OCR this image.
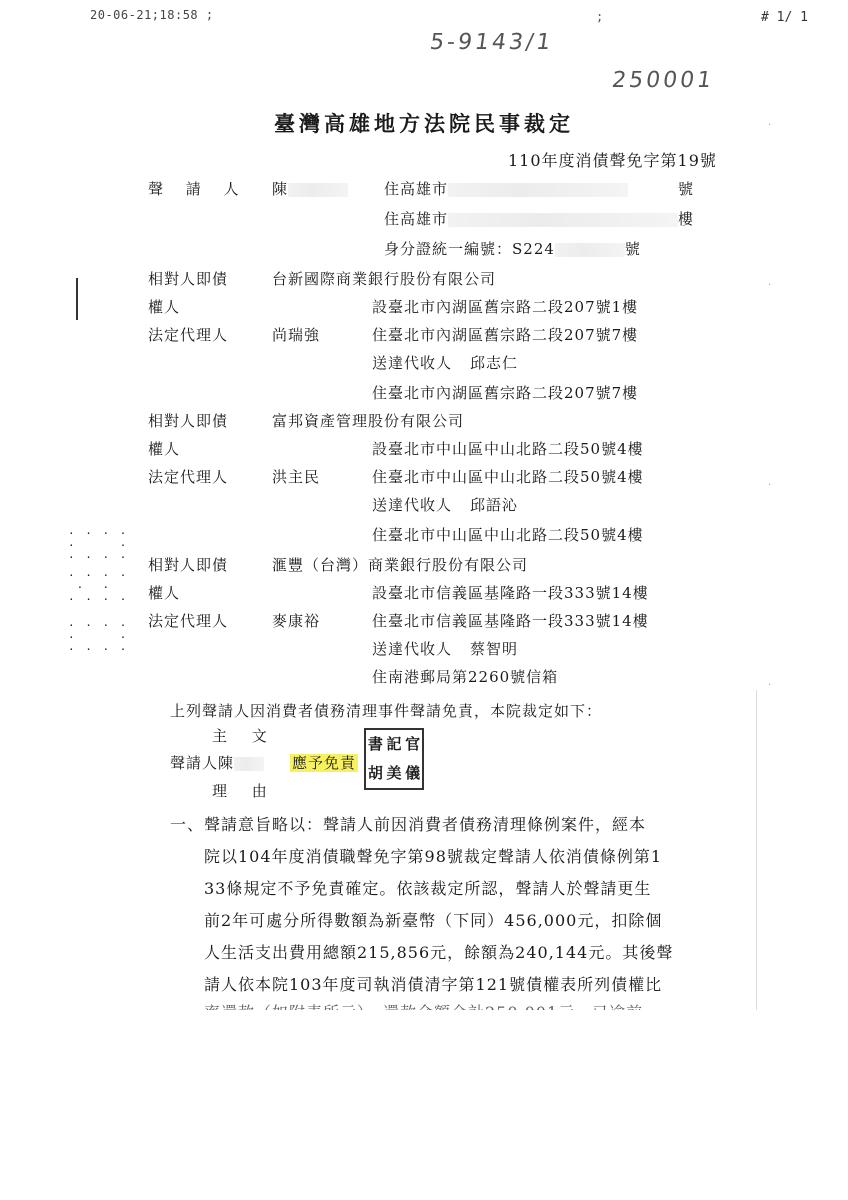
20-06-21;18:58 ;	;	# 1/ 1
5-9143/1
250001
臺灣高雄地方法院民事裁定
110年度消債聲免字第19號
聲 請 人 陳	住高雄市	號
住高雄市	樓
身分證統一編號：S224	號
相對人即債	台新國際商業銀行股份有限公司
權人	設臺北市內湖區舊宗路二段207號1樓
法定代理人	尚瑞強	住臺北市內湖區舊宗路二段207號7樓
送達代收人 邱志仁
住臺北市內湖區舊宗路二段207號7樓
相對人即債	富邦資產管理股份有限公司
權人	設臺北市中山區中山北路二段50號4樓
法定代理人	洪主民	住臺北市中山區中山北路二段50號4樓
送達代收人 邱語沁
住臺北市中山區中山北路二段50號4樓
相對人即債	滙豐（台灣）商業銀行股份有限公司
權人	設臺北市信義區基隆路一段333號14樓
法定代理人	麥康裕	住臺北市信義區基隆路一段333號14樓
送達代收人 蔡智明
住南港郵局第2260號信箱
上列聲請人因消費者債務清理事件聲請免責，本院裁定如下：
主 文
聲請人陳	應予免責
理 由
書 記 官
胡 美 儀
一、聲請意旨略以：聲請人前因消費者債務清理條例案件，經本
院以104年度消債職聲免字第98號裁定聲請人依消債條例第1
33條規定不予免責確定。依該裁定所認，聲請人於聲請更生
前2年可處分所得數額為新臺幣（下同）456,000元，扣除個
人生活支出費用總額215,856元，餘額為240,144元。其後聲
請人依本院103年度司執消債清字第121號債權表所列債權比
· · · ·
·     ·
· · · ·
· · · ·
·  ·
· · · ·
· · · ·
·     ·
· · · ·
·
·
·
·
